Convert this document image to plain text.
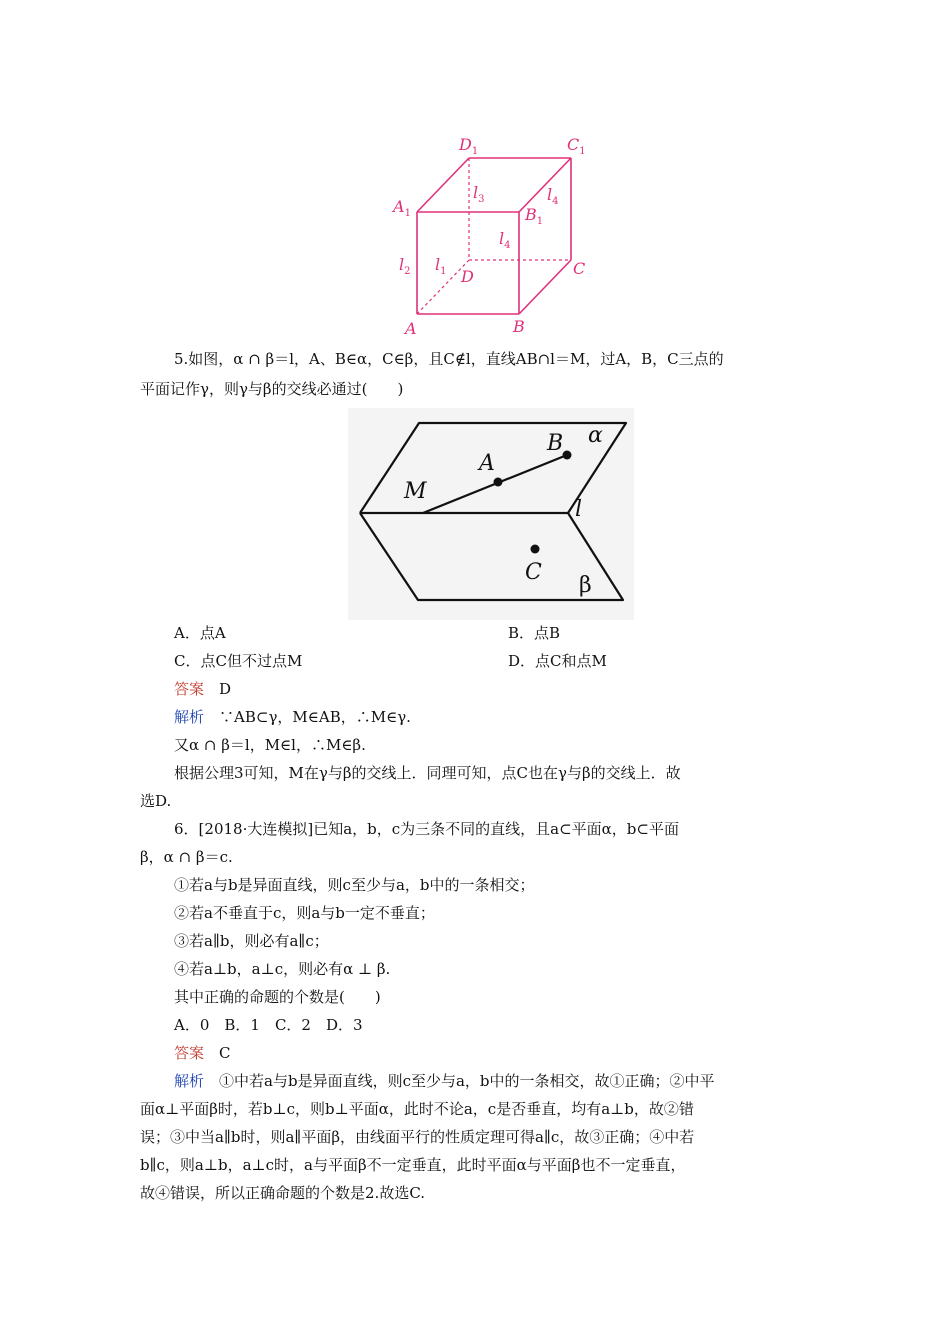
$D_1$	$C_1$
$A_1$	$B_1$
$l_3$	$l_4$
$l_4$
$l_2$ $l_1$ D	C
A	B
5.如图，α ∩ β＝l，A、B∈α，C∈β，且C∉l，直线AB∩l＝M，过A，B，C三点的
平面记作γ，则γ与β的交线必通过(　　)
A
B
M
C
α
β
l
A．点A	B．点B
C．点C但不过点M	D．点C和点M
答案　 D
解析　 ∵AB⊂γ，M∈AB，∴M∈γ.
又α ∩ β＝l，M∈l，∴M∈β.
根据公理3可知，M在γ与β的交线上．同理可知，点C也在γ与β的交线上．故
选D.
6．[2018·大连模拟]已知a，b，c为三条不同的直线，且a⊂平面α，b⊂平面
β，α ∩ β＝c.
①若a与b是异面直线，则c至少与a，b中的一条相交；
②若a不垂直于c，则a与b一定不垂直；
③若a∥b，则必有a∥c；
④若a⊥b，a⊥c，则必有α ⊥ β.
其中正确的命题的个数是(　　)
A．0　B．1　C．2　D．3
答案　 C
解析　 ①中若a与b是异面直线，则c至少与a，b中的一条相交，故①正确；②中平
面α⊥平面β时，若b⊥c，则b⊥平面α，此时不论a，c是否垂直，均有a⊥b，故②错
误；③中当a∥b时，则a∥平面β，由线面平行的性质定理可得a∥c，故③正确；④中若
b∥c，则a⊥b，a⊥c时，a与平面β不一定垂直，此时平面α与平面β也不一定垂直，
故④错误，所以正确命题的个数是2.故选C.
